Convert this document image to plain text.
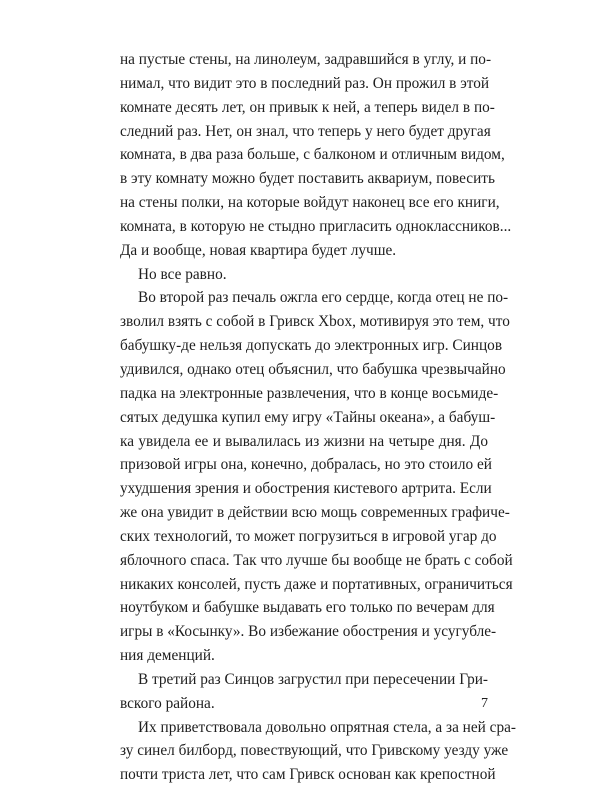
на пустые стены, на линолеум, задравшийся в углу, и по-
нимал, что видит это в последний раз. Он прожил в этой
комнате десять лет, он привык к ней, а теперь видел в по-
следний раз. Нет, он знал, что теперь у него будет другая
комната, в два раза больше, с балконом и отличным видом,
в эту комнату можно будет поставить аквариум, повесить
на стены полки, на которые войдут наконец все его книги,
комната, в которую не стыдно пригласить одноклассников...
Да и вообще, новая квартира будет лучше.
Но все равно.
Во второй раз печаль ожгла его сердце, когда отец не по-
зволил взять с собой в Гривск Xbox, мотивируя это тем, что
бабушку-де нельзя допускать до электронных игр. Синцов
удивился, однако отец объяснил, что бабушка чрезвычайно
падка на электронные развлечения, что в конце восьмиде-
сятых дедушка купил ему игру «Тайны океана», а бабуш-
ка увидела ее и вывалилась из жизни на четыре дня. До
призовой игры она, конечно, добралась, но это стоило ей
ухудшения зрения и обострения кистевого артрита. Если
же она увидит в действии всю мощь современных графиче-
ских технологий, то может погрузиться в игровой угар до
яблочного спаса. Так что лучше бы вообще не брать с собой
никаких консолей, пусть даже и портативных, ограничиться
ноутбуком и бабушке выдавать его только по вечерам для
игры в «Косынку». Во избежание обострения и усугубле-
ния деменций.
В третий раз Синцов загрустил при пересечении Гри-
вского района.
Их приветствовала довольно опрятная стела, а за ней сра-
зу синел билборд, повествующий, что Гривскому уезду уже
почти триста лет, что сам Гривск основан как крепостной
7
